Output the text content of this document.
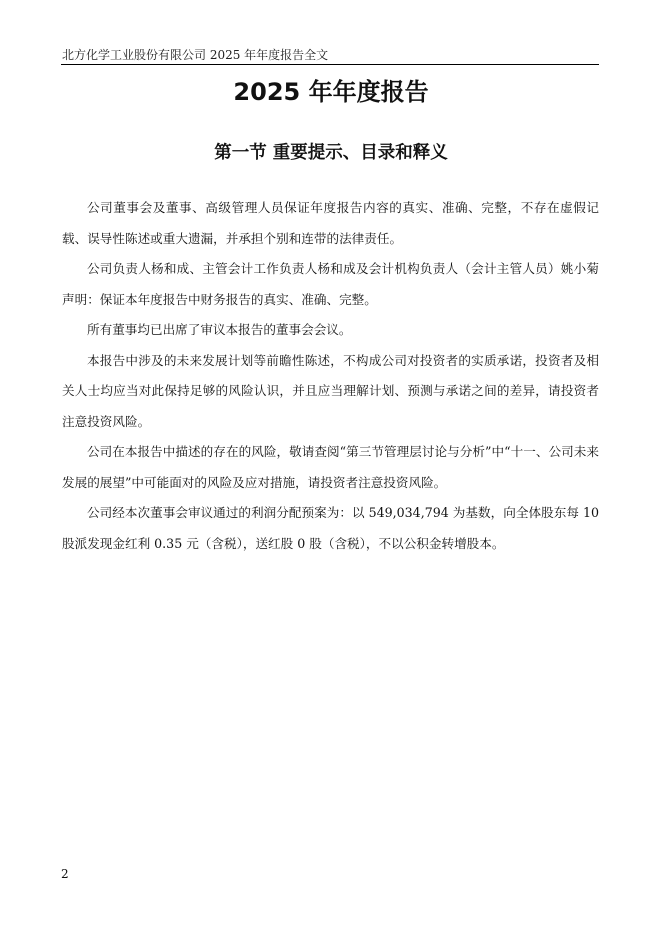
北方化学工业股份有限公司 2025 年年度报告全文
2025 年年度报告
第一节 重要提示、目录和释义

公司董事会及董事、高级管理人员保证年度报告内容的真实、准确、完整，不存在虚假记载、误导性陈述或重大遗漏，并承担个别和连带的法律责任。

公司负责人杨和成、主管会计工作负责人杨和成及会计机构负责人（会计主管人员）姚小菊声明：保证本年度报告中财务报告的真实、准确、完整。

所有董事均已出席了审议本报告的董事会会议。

本报告中涉及的未来发展计划等前瞻性陈述，不构成公司对投资者的实质承诺，投资者及相关人士均应当对此保持足够的风险认识，并且应当理解计划、预测与承诺之间的差异，请投资者注意投资风险。

公司在本报告中描述的存在的风险，敬请查阅“第三节管理层讨论与分析”中“十一、公司未来发展的展望”中可能面对的风险及应对措施，请投资者注意投资风险。

公司经本次董事会审议通过的利润分配预案为：以 549,034,794 为基数，向全体股东每 10 股派发现金红利 0.35 元（含税），送红股 0 股（含税），不以公积金转增股本。

2
